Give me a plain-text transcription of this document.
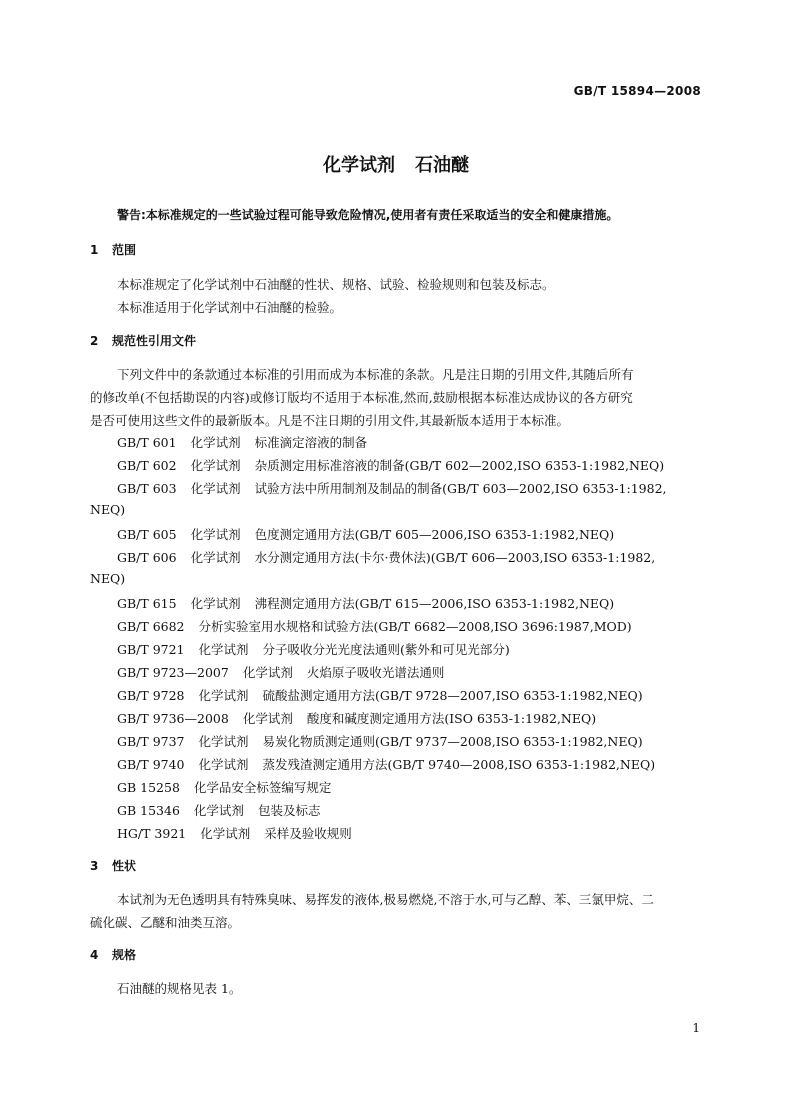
GB/T 15894—2008
化学试剂 石油醚
警告:本标准规定的一些试验过程可能导致危险情况,使用者有责任采取适当的安全和健康措施。
1 范围
本标准规定了化学试剂中石油醚的性状、规格、试验、检验规则和包装及标志。
本标准适用于化学试剂中石油醚的检验。
2 规范性引用文件
下列文件中的条款通过本标准的引用而成为本标准的条款。凡是注日期的引用文件,其随后所有
的修改单(不包括勘误的内容)或修订版均不适用于本标准,然而,鼓励根据本标准达成协议的各方研究
是否可使用这些文件的最新版本。凡是不注日期的引用文件,其最新版本适用于本标准。
GB/T 601 化学试剂 标准滴定溶液的制备
GB/T 602 化学试剂 杂质测定用标准溶液的制备(GB/T 602—2002,ISO 6353-1:1982,NEQ)
GB/T 603 化学试剂 试验方法中所用制剂及制品的制备(GB/T 603—2002,ISO 6353-1:1982,
NEQ)
GB/T 605 化学试剂 色度测定通用方法(GB/T 605—2006,ISO 6353-1:1982,NEQ)
GB/T 606 化学试剂 水分测定通用方法(卡尔·费休法)(GB/T 606—2003,ISO 6353-1:1982,
NEQ)
GB/T 615 化学试剂 沸程测定通用方法(GB/T 615—2006,ISO 6353-1:1982,NEQ)
GB/T 6682 分析实验室用水规格和试验方法(GB/T 6682—2008,ISO 3696:1987,MOD)
GB/T 9721 化学试剂 分子吸收分光光度法通则(紫外和可见光部分)
GB/T 9723—2007 化学试剂 火焰原子吸收光谱法通则
GB/T 9728 化学试剂 硫酸盐测定通用方法(GB/T 9728—2007,ISO 6353-1:1982,NEQ)
GB/T 9736—2008 化学试剂 酸度和碱度测定通用方法(ISO 6353-1:1982,NEQ)
GB/T 9737 化学试剂 易炭化物质测定通则(GB/T 9737—2008,ISO 6353-1:1982,NEQ)
GB/T 9740 化学试剂 蒸发残渣测定通用方法(GB/T 9740—2008,ISO 6353-1:1982,NEQ)
GB 15258 化学品安全标签编写规定
GB 15346 化学试剂 包装及标志
HG/T 3921 化学试剂 采样及验收规则
3 性状
本试剂为无色透明具有特殊臭味、易挥发的液体,极易燃烧,不溶于水,可与乙醇、苯、三氯甲烷、二
硫化碳、乙醚和油类互溶。
4 规格
石油醚的规格见表 1。
1
